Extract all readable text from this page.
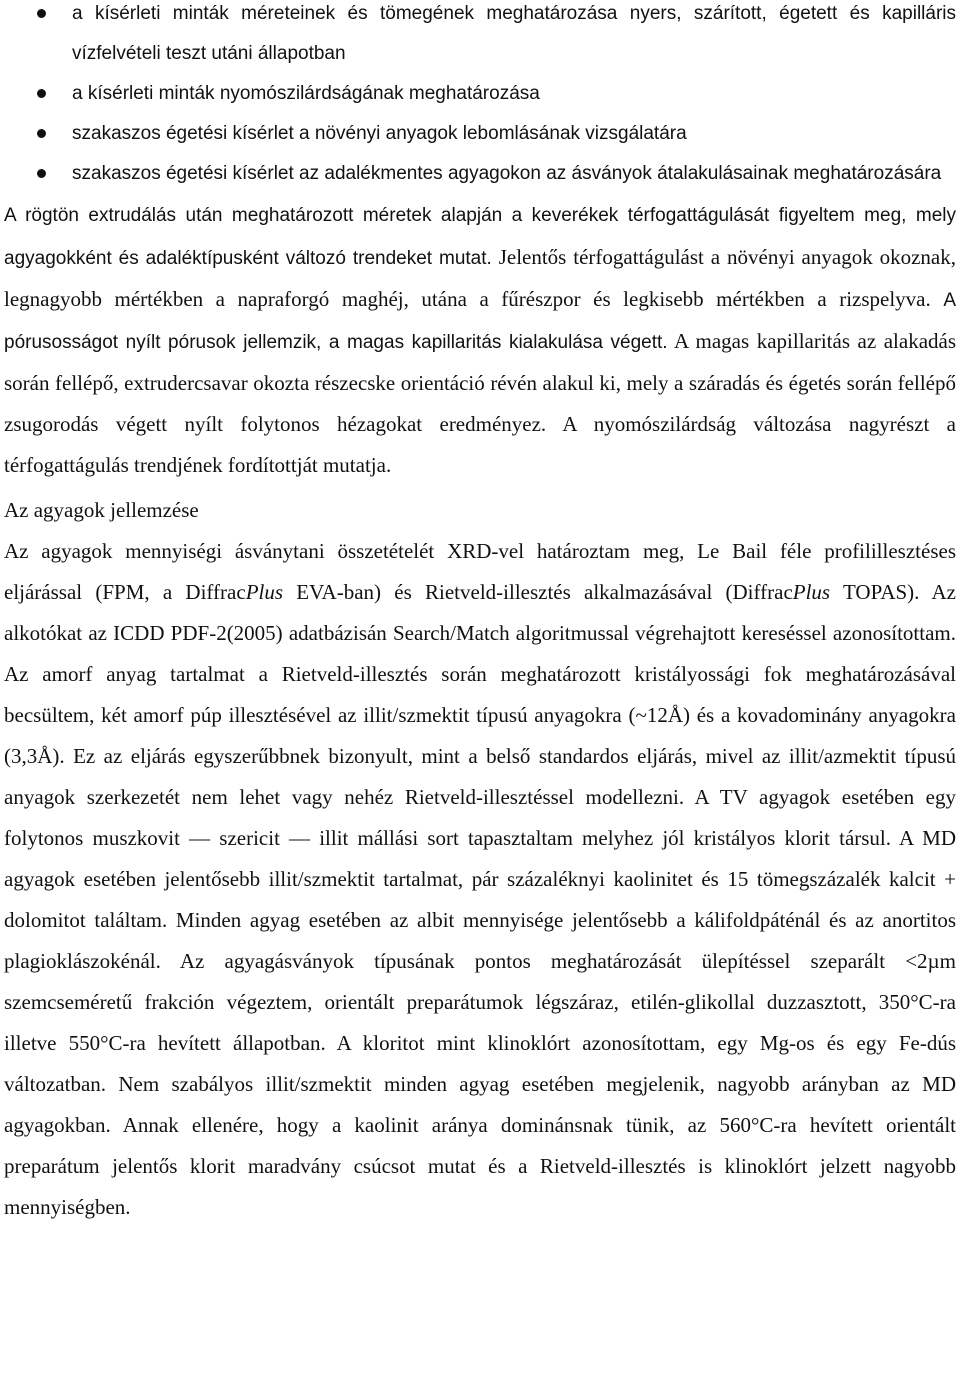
a kísérleti minták méreteinek és tömegének meghatározása nyers, szárított, égetett és kapilláris vízfelvételi teszt utáni állapotban
a kísérleti minták nyomószilárdságának meghatározása
szakaszos égetési kísérlet a növényi anyagok lebomlásának vizsgálatára
szakaszos égetési kísérlet az adalékmentes agyagokon az ásványok átalakulásainak meghatározására

A rögtön extrudálás után meghatározott méretek alapján a keverékek térfogattágulását figyeltem meg, mely agyagokként és adaléktípusként változó trendeket mutat. Jelentős térfogattágulást a növényi anyagok okoznak, legnagyobb mértékben a napraforgó maghéj, utána a fűrészpor és legkisebb mértékben a rizspelyva. A pórusosságot nyílt pórusok jellemzik, a magas kapillaritás kialakulása végett. A magas kapillaritás az alakadás során fellépő, extrudercsavar okozta részecske orientáció révén alakul ki, mely a száradás és égetés során fellépő zsugorodás végett nyílt folytonos hézagokat eredményez. A nyomószilárdság változása nagyrészt a térfogattágulás trendjének fordítottját mutatja.

Az agyagok jellemzése

Az agyagok mennyiségi ásványtani összetételét XRD-vel határoztam meg, Le Bail féle profilillesztéses eljárással (FPM, a DiffracPlus EVA-ban) és Rietveld-illesztés alkalmazásával (DiffracPlus TOPAS). Az alkotókat az ICDD PDF-2(2005) adatbázisán Search/Match algoritmussal végrehajtott kereséssel azonosítottam. Az amorf anyag tartalmat a Rietveld-illesztés során meghatározott kristályossági fok meghatározásával becsültem, két amorf púp illesztésével az illit/szmektit típusú anyagokra (~12Å) és a kovadominány anyagokra (3,3Å). Ez az eljárás egyszerűbbnek bizonyult, mint a belső standardos eljárás, mivel az illit/azmektit típusú anyagok szerkezetét nem lehet vagy nehéz Rietveld-illesztéssel modellezni. A TV agyagok esetében egy folytonos muszkovit — szericit — illit mállási sort tapasztaltam melyhez jól kristályos klorit társul. A MD agyagok esetében jelentősebb illit/szmektit tartalmat, pár százaléknyi kaolinitet és 15 tömegszázalék kalcit + dolomitot találtam. Minden agyag esetében az albit mennyisége jelentősebb a kálifoldpáténál és az anortitos plagioklászokénál. Az agyagásványok típusának pontos meghatározását ülepítéssel szeparált <2µm szemcseméretű frakción végeztem, orientált preparátumok légszáraz, etilén-glikollal duzzasztott, 350°C-ra illetve 550°C-ra hevített állapotban. A kloritot mint klinoklórt azonosítottam, egy Mg-os és egy Fe-dús változatban. Nem szabályos illit/szmektit minden agyag esetében megjelenik, nagyobb arányban az MD agyagokban. Annak ellenére, hogy a kaolinit aránya dominánsnak tünik, az 560°C-ra hevített orientált preparátum jelentős klorit maradvány csúcsot mutat és a Rietveld-illesztés is klinoklórt jelzett nagyobb mennyiségben.
